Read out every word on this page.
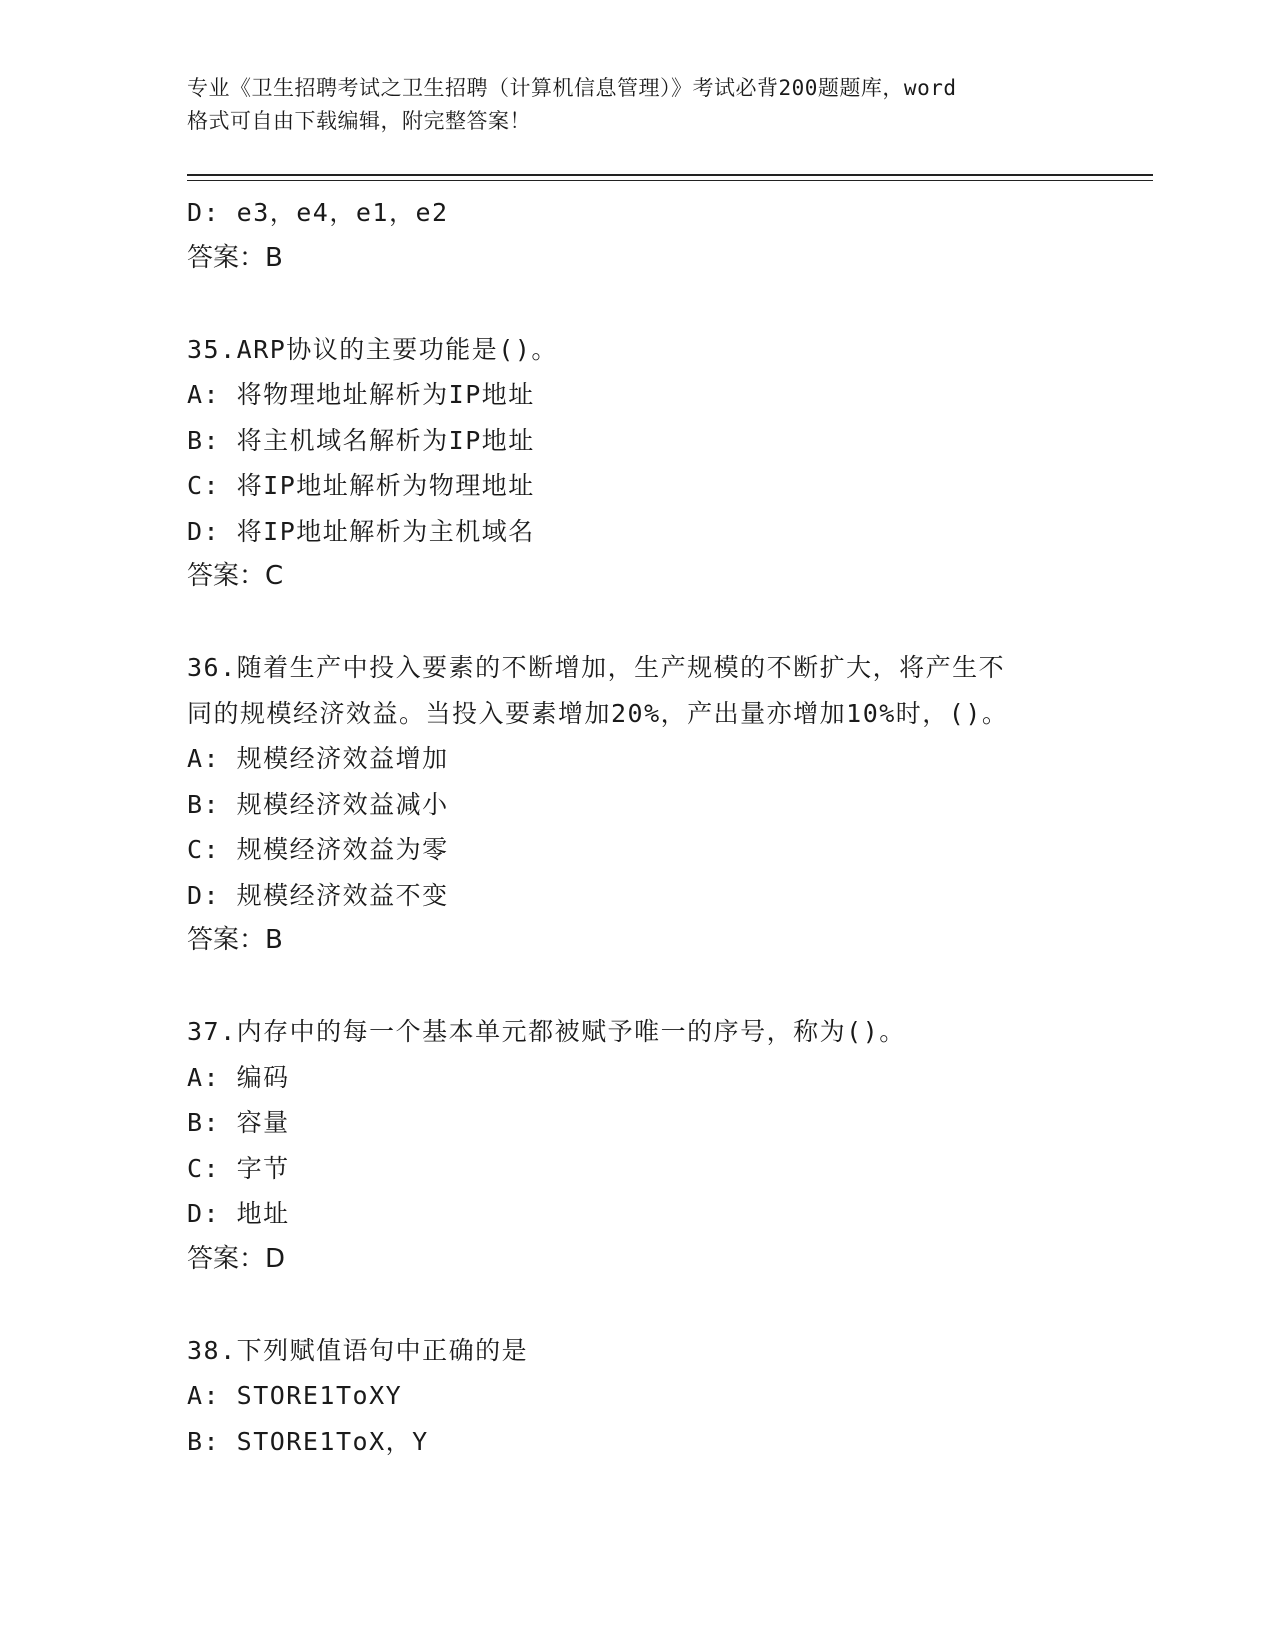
专业《卫生招聘考试之卫生招聘（计算机信息管理）》考试必背200题题库，word
格式可自由下载编辑，附完整答案！
D: e3，e4，e1，e2
答案：B
35.ARP协议的主要功能是()。
A: 将物理地址解析为IP地址
B: 将主机域名解析为IP地址
C: 将IP地址解析为物理地址
D: 将IP地址解析为主机域名
答案：C
36.随着生产中投入要素的不断增加，生产规模的不断扩大，将产生不
同的规模经济效益。当投入要素增加20%，产出量亦增加10%时，()。
A: 规模经济效益增加
B: 规模经济效益减小
C: 规模经济效益为零
D: 规模经济效益不变
答案：B
37.内存中的每一个基本单元都被赋予唯一的序号，称为()。
A: 编码
B: 容量
C: 字节
D: 地址
答案：D
38.下列赋值语句中正确的是
A: STORE1ToXY
B: STORE1ToX，Y
